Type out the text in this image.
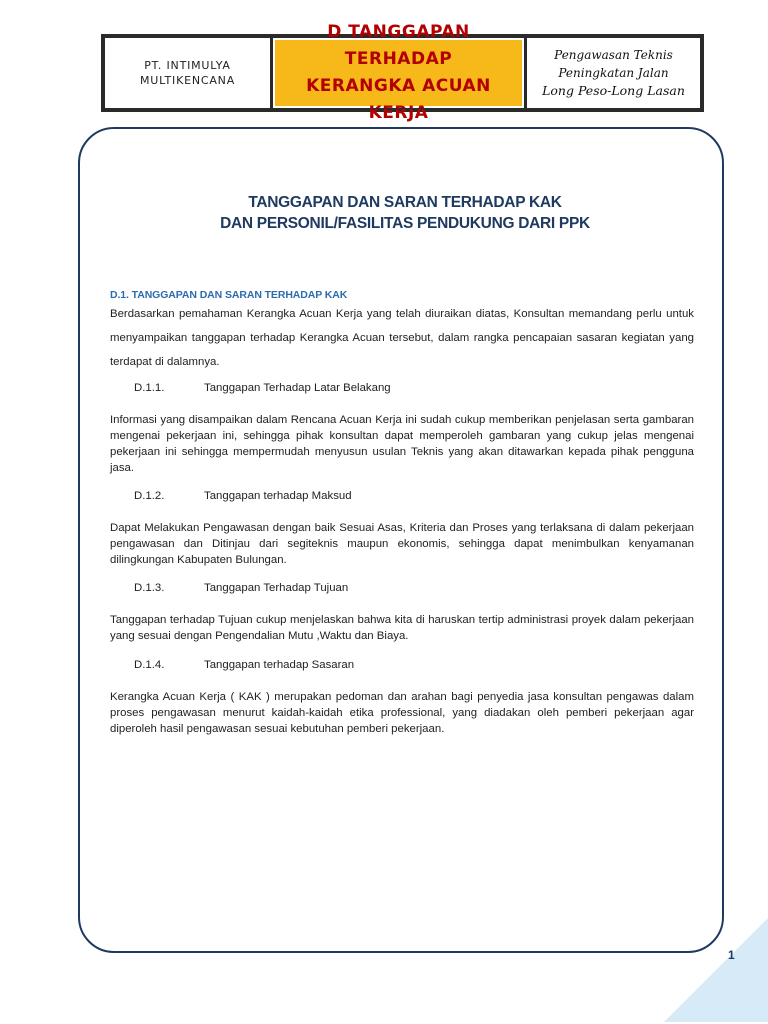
PT. INTIMULYA
MULTIKENCANA
D TANGGAPAN TERHADAP
KERANGKA ACUAN KERJA
Pengawasan Teknis
Peningkatan Jalan
Long Peso-Long Lasan
1
TANGGAPAN DAN SARAN TERHADAP KAK
DAN PERSONIL/FASILITAS PENDUKUNG DARI PPK
D.1. TANGGAPAN DAN SARAN TERHADAP KAK
Berdasarkan pemahaman Kerangka Acuan Kerja yang telah diuraikan diatas, Konsultan memandang perlu untuk menyampaikan tanggapan terhadap Kerangka Acuan tersebut, dalam rangka pencapaian sasaran kegiatan yang terdapat di dalamnya.
D.1.1.	Tanggapan Terhadap Latar Belakang
Informasi yang disampaikan dalam Rencana Acuan Kerja ini sudah cukup memberikan penjelasan serta gambaran mengenai pekerjaan ini, sehingga pihak konsultan dapat memperoleh gambaran yang cukup jelas mengenai pekerjaan ini sehingga mempermudah menyusun usulan Teknis yang akan ditawarkan kepada pihak pengguna jasa.
D.1.2.	Tanggapan terhadap Maksud
Dapat Melakukan Pengawasan dengan baik Sesuai Asas, Kriteria dan Proses yang terlaksana di dalam pekerjaan pengawasan dan Ditinjau dari segiteknis maupun ekonomis, sehingga dapat menimbulkan kenyamanan dilingkungan Kabupaten Bulungan.
D.1.3.	Tanggapan Terhadap Tujuan
Tanggapan terhadap Tujuan cukup menjelaskan bahwa kita di haruskan tertip administrasi proyek dalam pekerjaan yang sesuai dengan Pengendalian Mutu ,Waktu dan Biaya.
D.1.4.	Tanggapan terhadap Sasaran
Kerangka Acuan Kerja ( KAK ) merupakan pedoman dan arahan bagi penyedia jasa konsultan pengawas dalam proses pengawasan menurut kaidah-kaidah etika professional, yang diadakan oleh pemberi pekerjaan agar diperoleh hasil pengawasan sesuai kebutuhan pemberi pekerjaan.
